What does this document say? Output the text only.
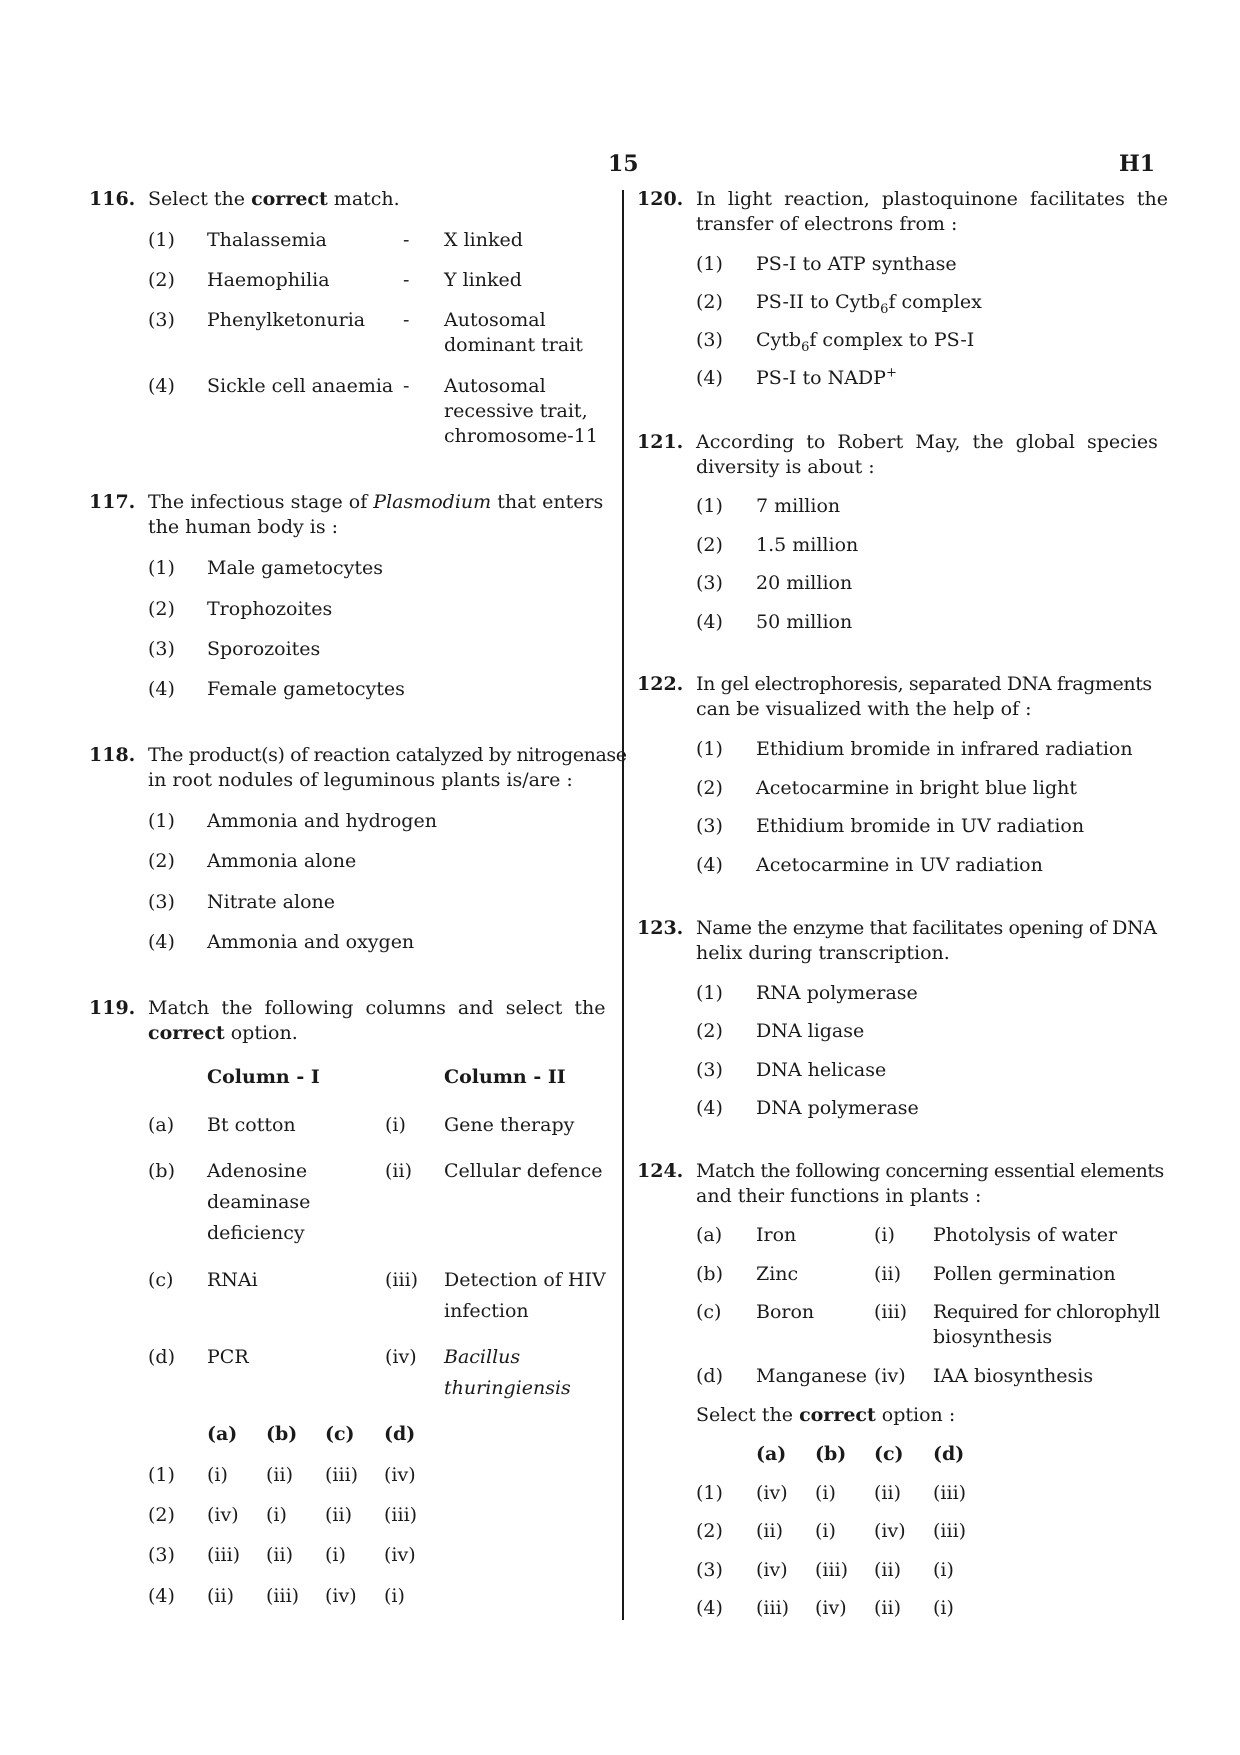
15	H1
116. Select the correct match.
(1) Thalassemia	- X linked
(2) Haemophilia	- Y linked
(3) Phenylketonuria - Autosomal
dominant trait
(4) Sickle cell anaemia - Autosomal
recessive trait,
chromosome-11
117. The infectious stage of Plasmodium that enters
the human body is :
(1) Male gametocytes
(2) Trophozoites
(3) Sporozoites
(4) Female gametocytes
118. The product(s) of reaction catalyzed by nitrogenase
in root nodules of leguminous plants is/are :
(1) Ammonia and hydrogen
(2) Ammonia alone
(3) Nitrate alone
(4) Ammonia and oxygen
119. Match  the  following  columns  and  select  the
correct option.
Column - I	Column - II
(a) Bt cotton	(i) Gene therapy
(b) Adenosine
deaminase
deficiency
(ii) Cellular defence
(c) RNAi	(iii) Detection of HIV
infection
(d) PCR	(iv) Bacillus
thuringiensis
(a) (b) (c) (d)
(1) (i) (ii) (iii) (iv)
(2) (iv) (i) (ii) (iii)
(3) (iii) (ii) (i) (iv)
(4) (ii) (iii) (iv) (i)
120. In  light  reaction,  plastoquinone  facilitates  the
transfer of electrons from :
(1) PS-I to ATP synthase
(2) PS-II to Cytb$_6$f complex
(3) Cytb$_6$f complex to PS-I
(4) PS-I to NADP+
121. According  to  Robert  May,  the  global  species
diversity is about :
(1) 7 million
(2) 1.5 million
(3) 20 million
(4) 50 million
122. In gel electrophoresis, separated DNA fragments
can be visualized with the help of :
(1) Ethidium bromide in infrared radiation
(2) Acetocarmine in bright blue light
(3) Ethidium bromide in UV radiation
(4) Acetocarmine in UV radiation
123. Name the enzyme that facilitates opening of DNA
helix during transcription.
(1) RNA polymerase
(2) DNA ligase
(3) DNA helicase
(4) DNA polymerase
124. Match the following concerning essential elements
and their functions in plants :
(a) Iron	(i) Photolysis of water
(b) Zinc	(ii) Pollen germination
(c) Boron	(iii) Required for chlorophyll
biosynthesis
(d) Manganese (iv) IAA biosynthesis
Select the correct option :
(a) (b) (c) (d)
(1) (iv) (i) (ii) (iii)
(2) (ii) (i) (iv) (iii)
(3) (iv) (iii) (ii) (i)
(4) (iii) (iv) (ii) (i)
